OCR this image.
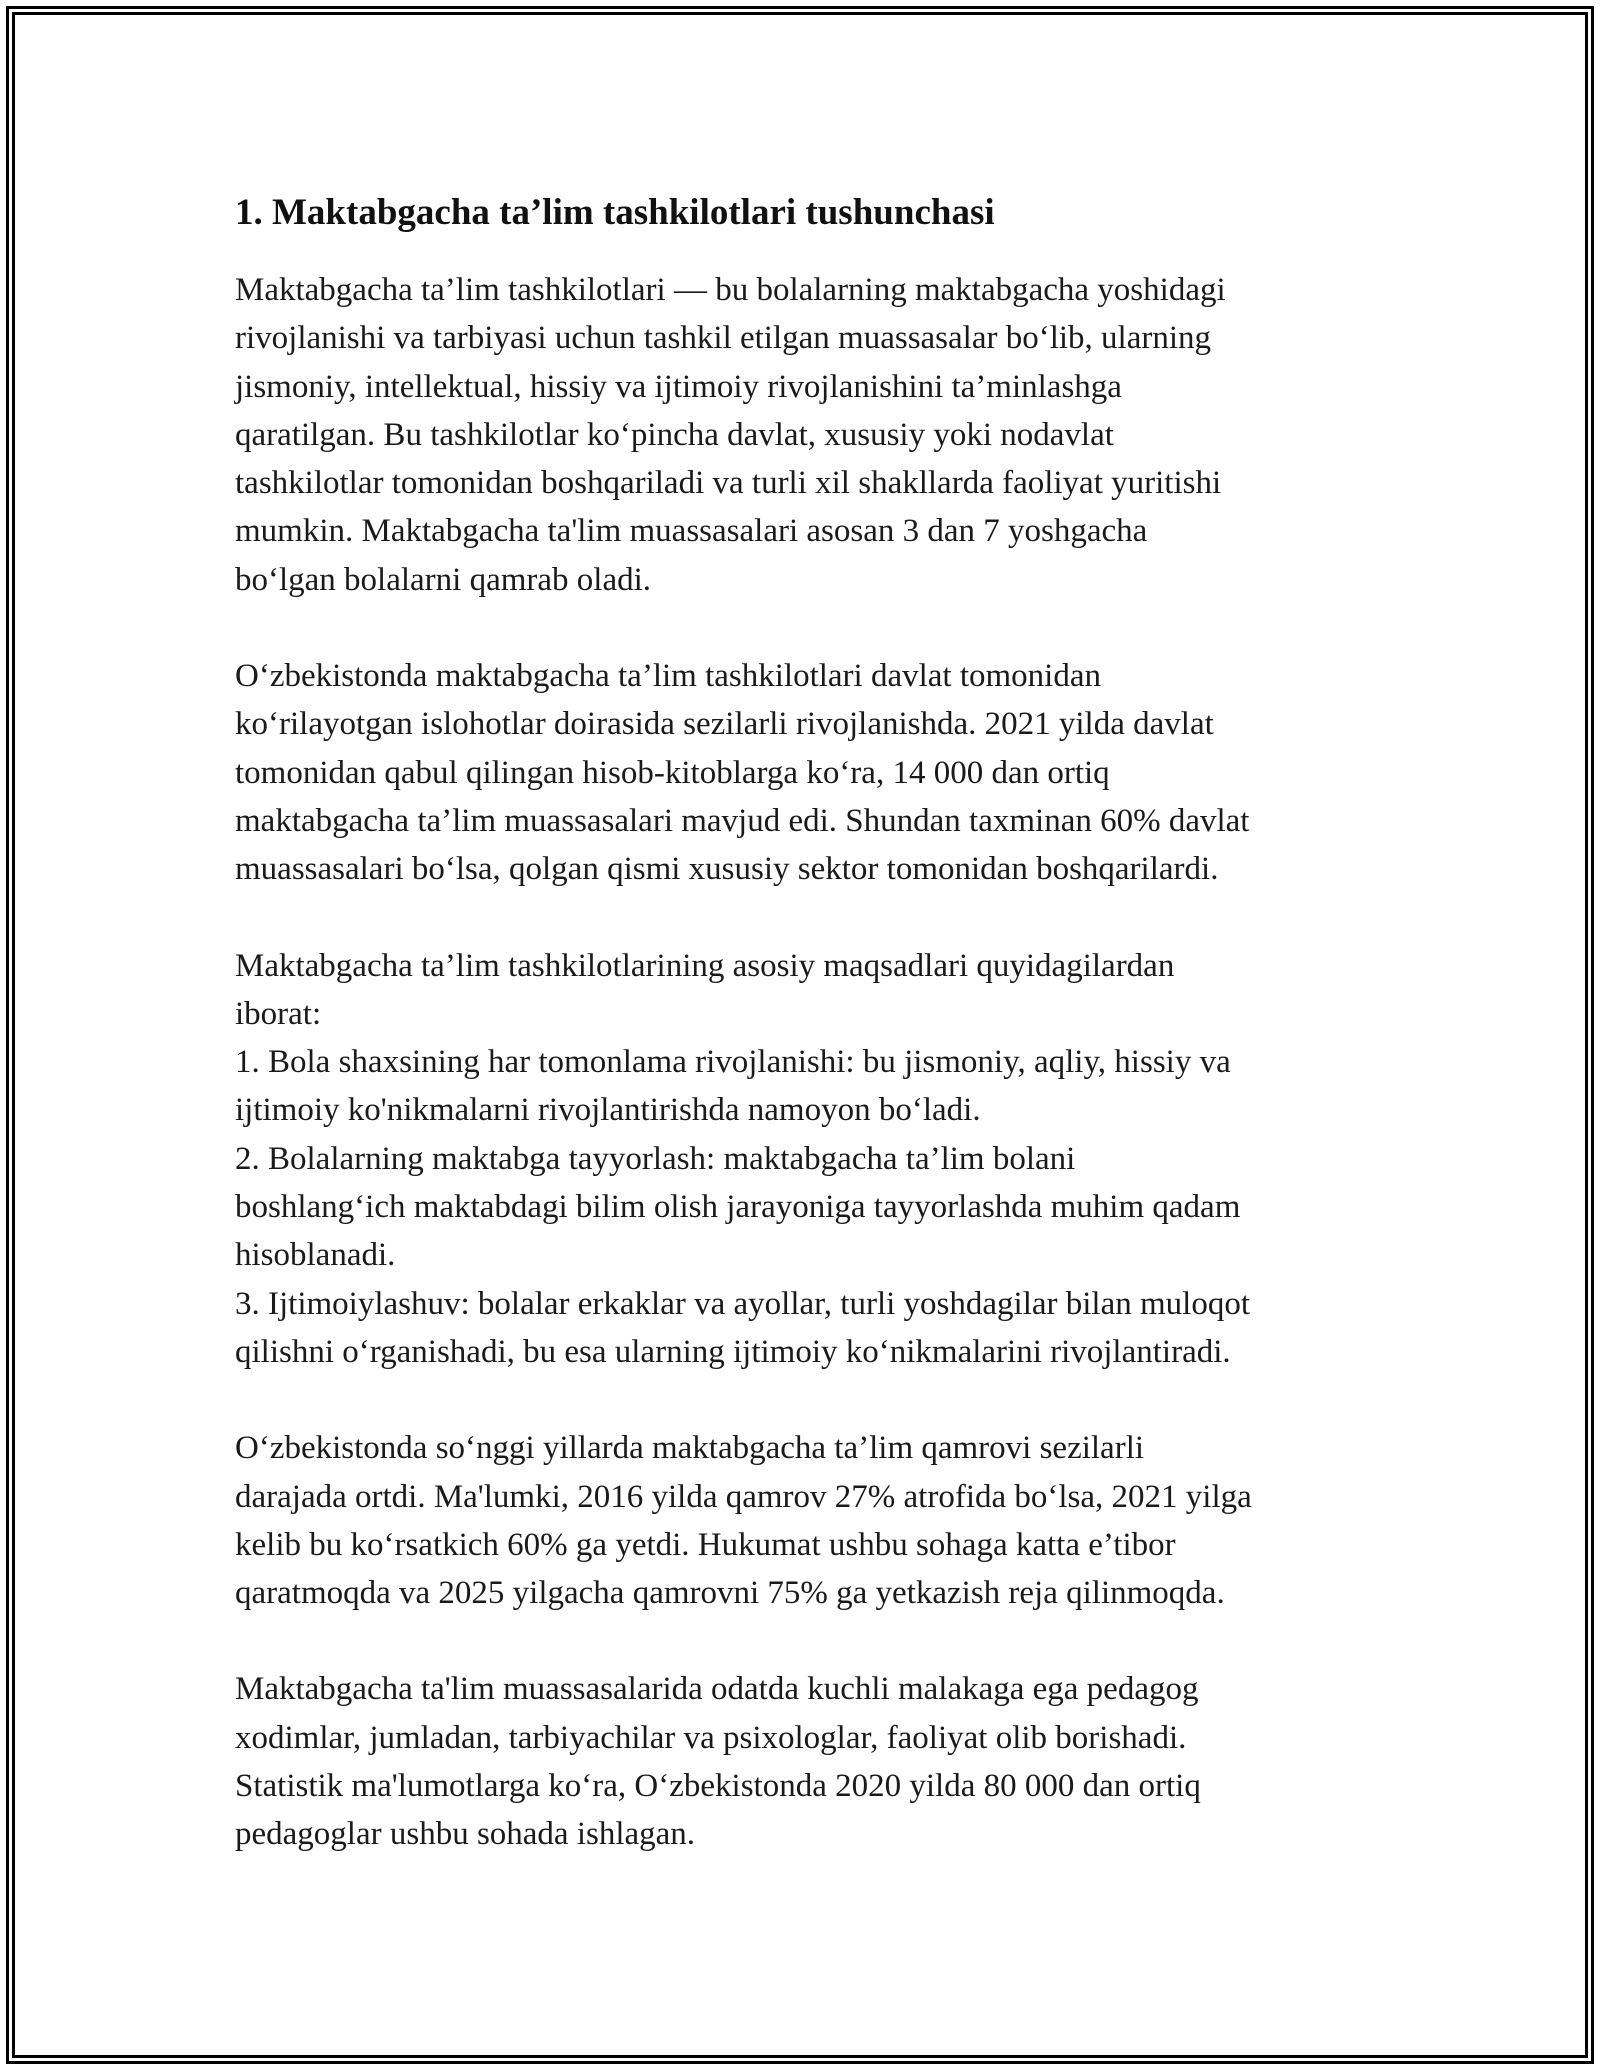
1. Maktabgacha ta’lim tashkilotlari tushunchasi

Maktabgacha ta’lim tashkilotlari — bu bolalarning maktabgacha yoshidagi
rivojlanishi va tarbiyasi uchun tashkil etilgan muassasalar bo‘lib, ularning
jismoniy, intellektual, hissiy va ijtimoiy rivojlanishini ta’minlashga
qaratilgan. Bu tashkilotlar ko‘pincha davlat, xususiy yoki nodavlat
tashkilotlar tomonidan boshqariladi va turli xil shakllarda faoliyat yuritishi
mumkin. Maktabgacha ta'lim muassasalari asosan 3 dan 7 yoshgacha
bo‘lgan bolalarni qamrab oladi.

O‘zbekistonda maktabgacha ta’lim tashkilotlari davlat tomonidan
ko‘rilayotgan islohotlar doirasida sezilarli rivojlanishda. 2021 yilda davlat
tomonidan qabul qilingan hisob-kitoblarga ko‘ra, 14 000 dan ortiq
maktabgacha ta’lim muassasalari mavjud edi. Shundan taxminan 60% davlat
muassasalari bo‘lsa, qolgan qismi xususiy sektor tomonidan boshqarilardi.

Maktabgacha ta’lim tashkilotlarining asosiy maqsadlari quyidagilardan
iborat:
1. Bola shaxsining har tomonlama rivojlanishi: bu jismoniy, aqliy, hissiy va
ijtimoiy ko'nikmalarni rivojlantirishda namoyon bo‘ladi.
2. Bolalarning maktabga tayyorlash: maktabgacha ta’lim bolani
boshlang‘ich maktabdagi bilim olish jarayoniga tayyorlashda muhim qadam
hisoblanadi.
3. Ijtimoiylashuv: bolalar erkaklar va ayollar, turli yoshdagilar bilan muloqot
qilishni o‘rganishadi, bu esa ularning ijtimoiy ko‘nikmalarini rivojlantiradi.

O‘zbekistonda so‘nggi yillarda maktabgacha ta’lim qamrovi sezilarli
darajada ortdi. Ma'lumki, 2016 yilda qamrov 27% atrofida bo‘lsa, 2021 yilga
kelib bu ko‘rsatkich 60% ga yetdi. Hukumat ushbu sohaga katta e’tibor
qaratmoqda va 2025 yilgacha qamrovni 75% ga yetkazish reja qilinmoqda.

Maktabgacha ta'lim muassasalarida odatda kuchli malakaga ega pedagog
xodimlar, jumladan, tarbiyachilar va psixologlar, faoliyat olib borishadi.
Statistik ma'lumotlarga ko‘ra, O‘zbekistonda 2020 yilda 80 000 dan ortiq
pedagoglar ushbu sohada ishlagan.
